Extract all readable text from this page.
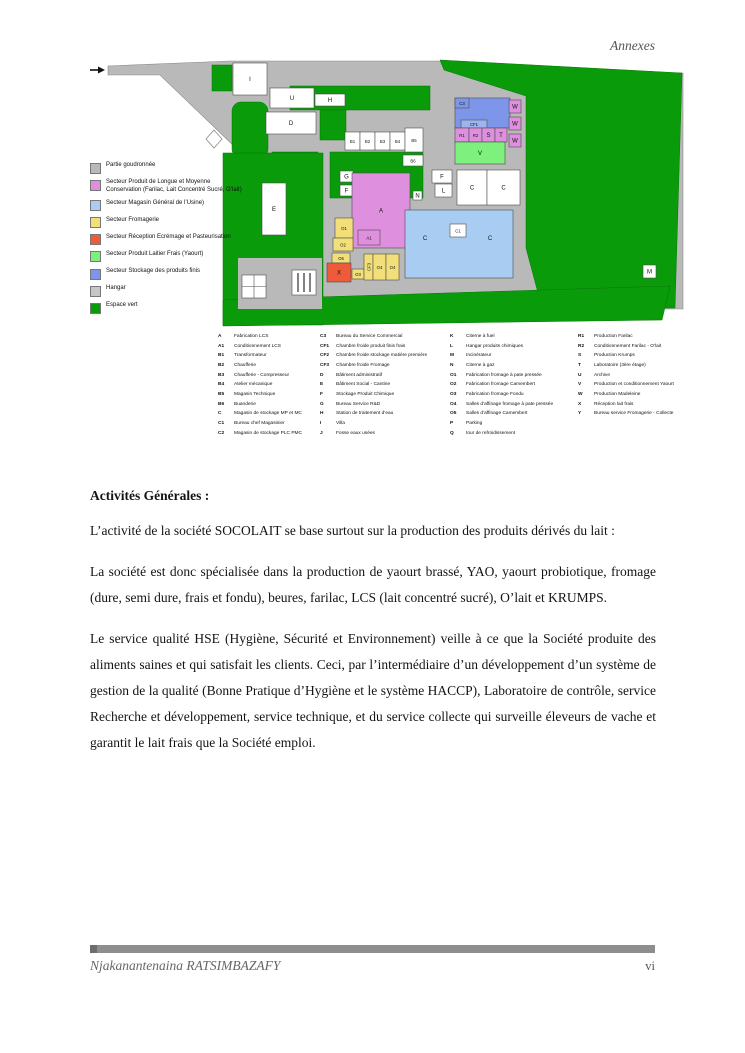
Annexes
I
U
D
H
B1 B2 B3 B4	B5
B6
E
G
F
A
A1
N
C3
CF1
R1 R2 S T
V
W
W
W
F
L	C	C
C
C1
C
O1
O2
O5
X	O3
CF3 O4 O4
M
Partie goudronnée
Secteur Produit de Longue et Moyenne Conservation (Farilac, Lait Concentré Sucré, O’lait)
Secteur Magasin Général de l’Usine)
Secteur Fromagerie
Secteur Réception Ecrémage et Pasteurisation
Secteur Produit Laitier Frais (Yaourt)
Secteur Stockage des produits finis
Hangar
Espace vert
A	Fabrication LCS
A1	Conditionnement LCS
B1	Transformateur
B2	Chaufferie
B3	Chaufferie - Compresseur
B4	Atelier mécanique
B5	Magasin Technique
B6	Buanderie
C	Magasin de stockage MP et MC
C1	Bureau chef Magasinier
C2	Magasin de stockage PLC PMC
C3	Bureau du Service Commercial
CF1	Chambre froide produit finis frais
CF2	Chambre froide stockage matière première
CF3	Chambre froide Fromage
D	Bâtiment administratif
E	Bâtiment Social - Cantine
F	Stockage Produit Chimique
G	Bureau Service R&D
H	Station de traitement d’eau
I	Villa
J	Fosse eaux usées
K	Citerne à fuel
L	Hangar produits chimiques
M	Incinérateur
N	Citerne à gaz
O1	Fabrication fromage à pate pressée
O2	Fabrication fromage Camembert
O3	Fabrication fromage Fondu
O4	Salles d’affinage fromage à pate pressée
O5	Salles d’affinage Camembert
P	Parking
Q	tour de refroidissement
R1	Production Farilac
R2	Conditionnement Farilac - O’lait
S	Production Krumps
T	Laboratoire (3ère étage)
U	Archive
V	Production et conditionnement Yaourt
W	Production Madeleine
X	Réception lait frais
Y	Bureau service Fromagerie - Collecte
Activités Générales :

L’activité de la société SOCOLAIT se base surtout sur la production des produits dérivés du lait :

La société est donc spécialisée dans la production de yaourt brassé, YAO, yaourt probiotique, fromage (dure, semi dure, frais et fondu), beures, farilac, LCS (lait concentré sucré), O’lait et KRUMPS.

Le service qualité HSE (Hygiène, Sécurité et Environnement) veille à ce que la Société produite des aliments saines et qui satisfait les clients. Ceci, par l’intermédiaire d’un développement d’un système de gestion de la qualité (Bonne Pratique d’Hygiène et le système HACCP), Laboratoire de contrôle, service Recherche et développement, service technique, et du service collecte qui surveille éleveurs de vache et garantit le lait frais que la Société emploi.

Njakanantenaina RATSIMBAZAFY	vi
